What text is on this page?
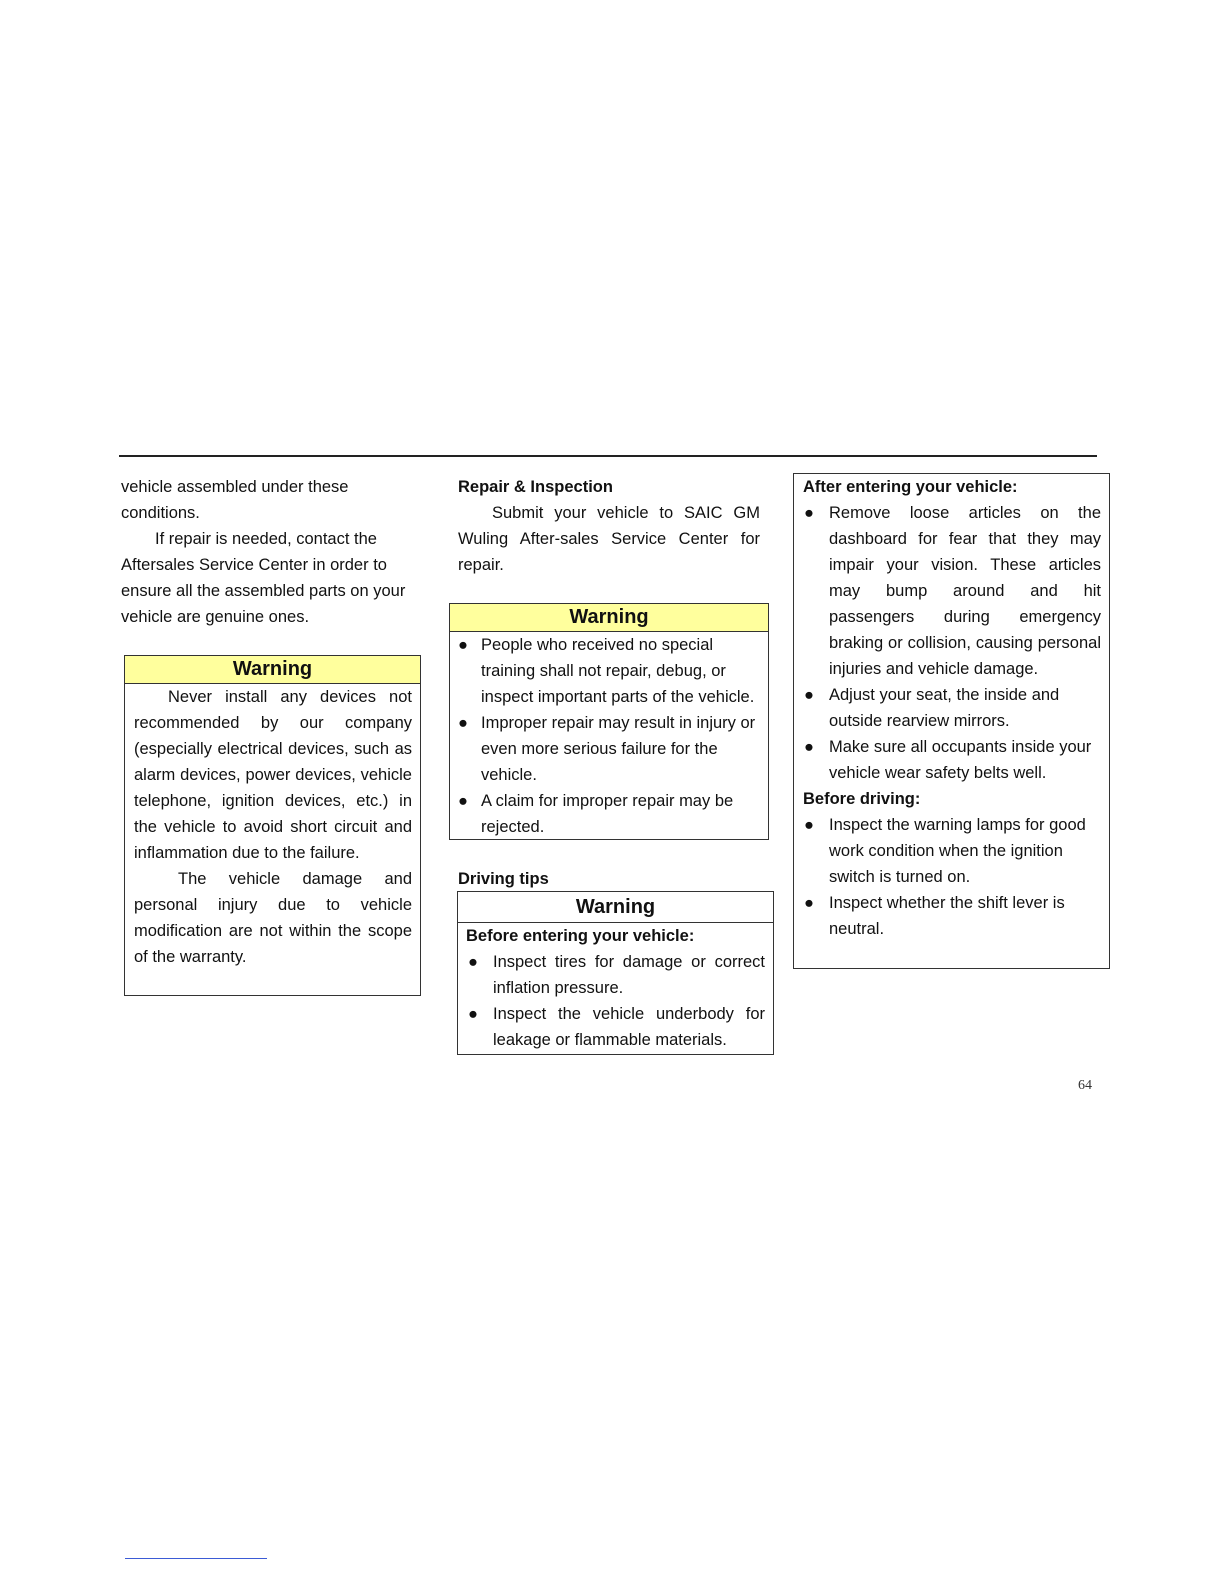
vehicle assembled under these conditions.

If repair is needed, contact the Aftersales Service Center in order to ensure all the assembled parts on your vehicle are genuine ones.

Warning

Never install any devices not recommended by our company (especially electrical devices, such as alarm devices, power devices, vehicle telephone, ignition devices, etc.) in the vehicle to avoid short circuit and inflammation due to the failure.

The vehicle damage and personal injury due to vehicle modification are not within the scope of the warranty.

Repair & Inspection

Submit your vehicle to SAIC GM Wuling After-sales Service Center for repair.

Warning
● People who received no special training shall not repair, debug, or inspect important parts of the vehicle.
● Improper repair may result in injury or even more serious failure for the vehicle.
● A claim for improper repair may be rejected.
Driving tips
Warning

Before entering your vehicle:

● Inspect tires for damage or correct inflation pressure.
● Inspect the vehicle underbody for leakage or flammable materials.

After entering your vehicle:

● Remove loose articles on the dashboard for fear that they may impair your vision. These articles may bump around and hit passengers during emergency braking or collision, causing personal injuries and vehicle damage.
● Adjust your seat, the inside and outside rearview mirrors.
● Make sure all occupants inside your vehicle wear safety belts well.

Before driving:

● Inspect the warning lamps for good work condition when the ignition switch is turned on.
● Inspect whether the shift lever is neutral.
64
